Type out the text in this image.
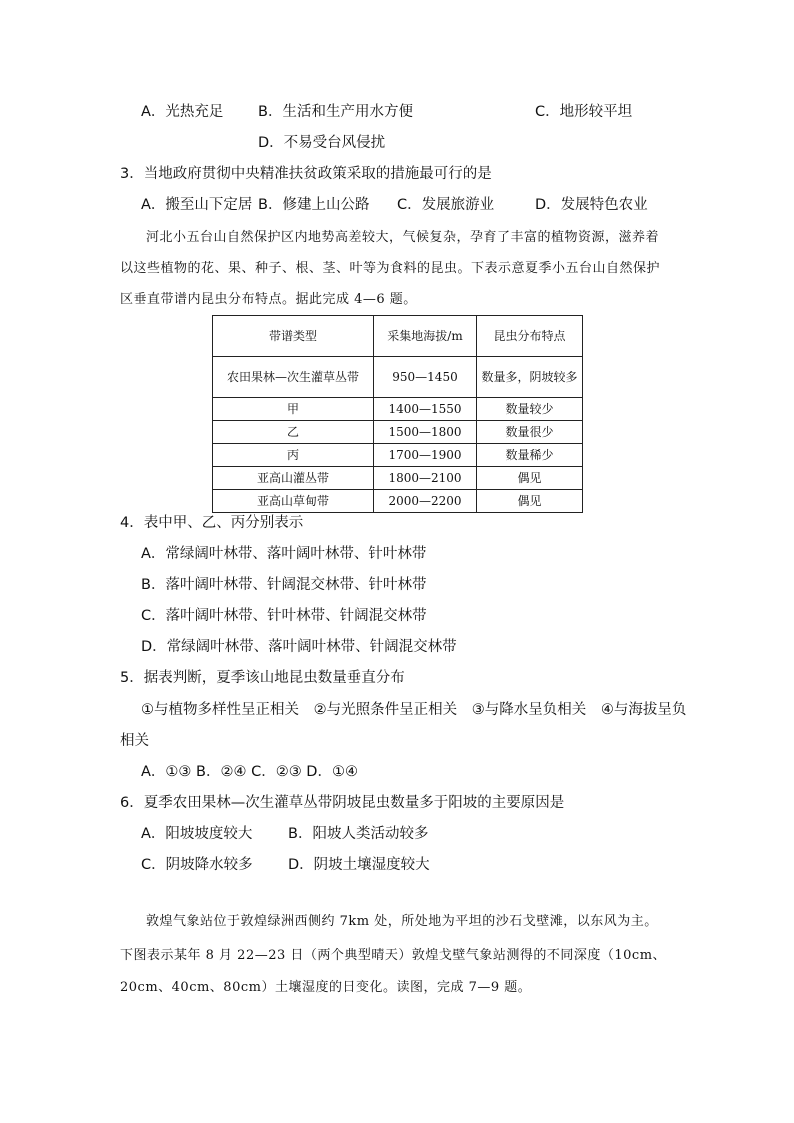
A．光热充足 B．生活和生产用水方便	C．地形较平坦
D．不易受台风侵扰
3．当地政府贯彻中央精准扶贫政策采取的措施最可行的是
A．搬至山下定居 B．修建上山公路 C．发展旅游业	D．发展特色农业
河北小五台山自然保护区内地势高差较大，气候复杂，孕育了丰富的植物资源，滋养着
以这些植物的花、果、种子、根、茎、叶等为食料的昆虫。下表示意夏季小五台山自然保护
区垂直带谱内昆虫分布特点。据此完成 4—6 题。
带谱类型	采集地海拔/m	昆虫分布特点
农田果林—次生灌草丛带	950—1450	数量多，阴坡较多
甲	1400—1550	数量较少
乙	1500—1800	数量很少
丙	1700—1900	数量稀少
亚高山灌丛带	1800—2100	偶见
亚高山草甸带	2000—2200	偶见
4．表中甲、乙、丙分别表示
A．常绿阔叶林带、落叶阔叶林带、针叶林带
B．落叶阔叶林带、针阔混交林带、针叶林带
C．落叶阔叶林带、针叶林带、针阔混交林带
D．常绿阔叶林带、落叶阔叶林带、针阔混交林带
5．据表判断，夏季该山地昆虫数量垂直分布
①与植物多样性呈正相关 ②与光照条件呈正相关 ③与降水呈负相关 ④与海拔呈负
相关
A．①③ B．②④ C．②③ D．①④
6．夏季农田果林—次生灌草丛带阴坡昆虫数量多于阳坡的主要原因是
A．阳坡坡度较大 B．阳坡人类活动较多
C．阴坡降水较多 D．阴坡土壤湿度较大
敦煌气象站位于敦煌绿洲西侧约 7km 处，所处地为平坦的沙石戈壁滩，以东风为主。
下图表示某年 8 月 22—23 日（两个典型晴天）敦煌戈壁气象站测得的不同深度（10cm、
20cm、40cm、80cm）土壤湿度的日变化。读图，完成 7—9 题。
